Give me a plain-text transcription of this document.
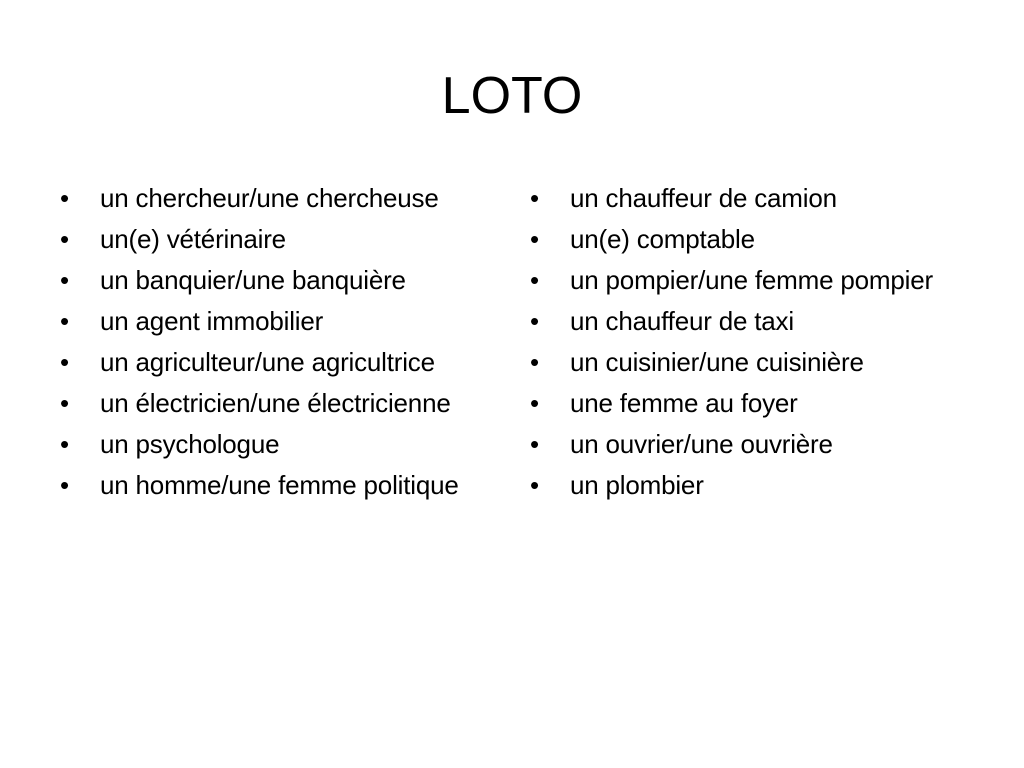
LOTO
•	un chercheur/une chercheuse
•	un(e) vétérinaire
•	un banquier/une banquière
•	un agent immobilier
•	un agriculteur/une agricultrice
•	un électricien/une électricienne
•	un psychologue
•	un homme/une femme politique
•	un chauffeur de camion
•	un(e) comptable
•	un pompier/une femme pompier
•	un chauffeur de taxi
•	un cuisinier/une cuisinière
•	une femme au foyer
•	un ouvrier/une ouvrière
•	un plombier
